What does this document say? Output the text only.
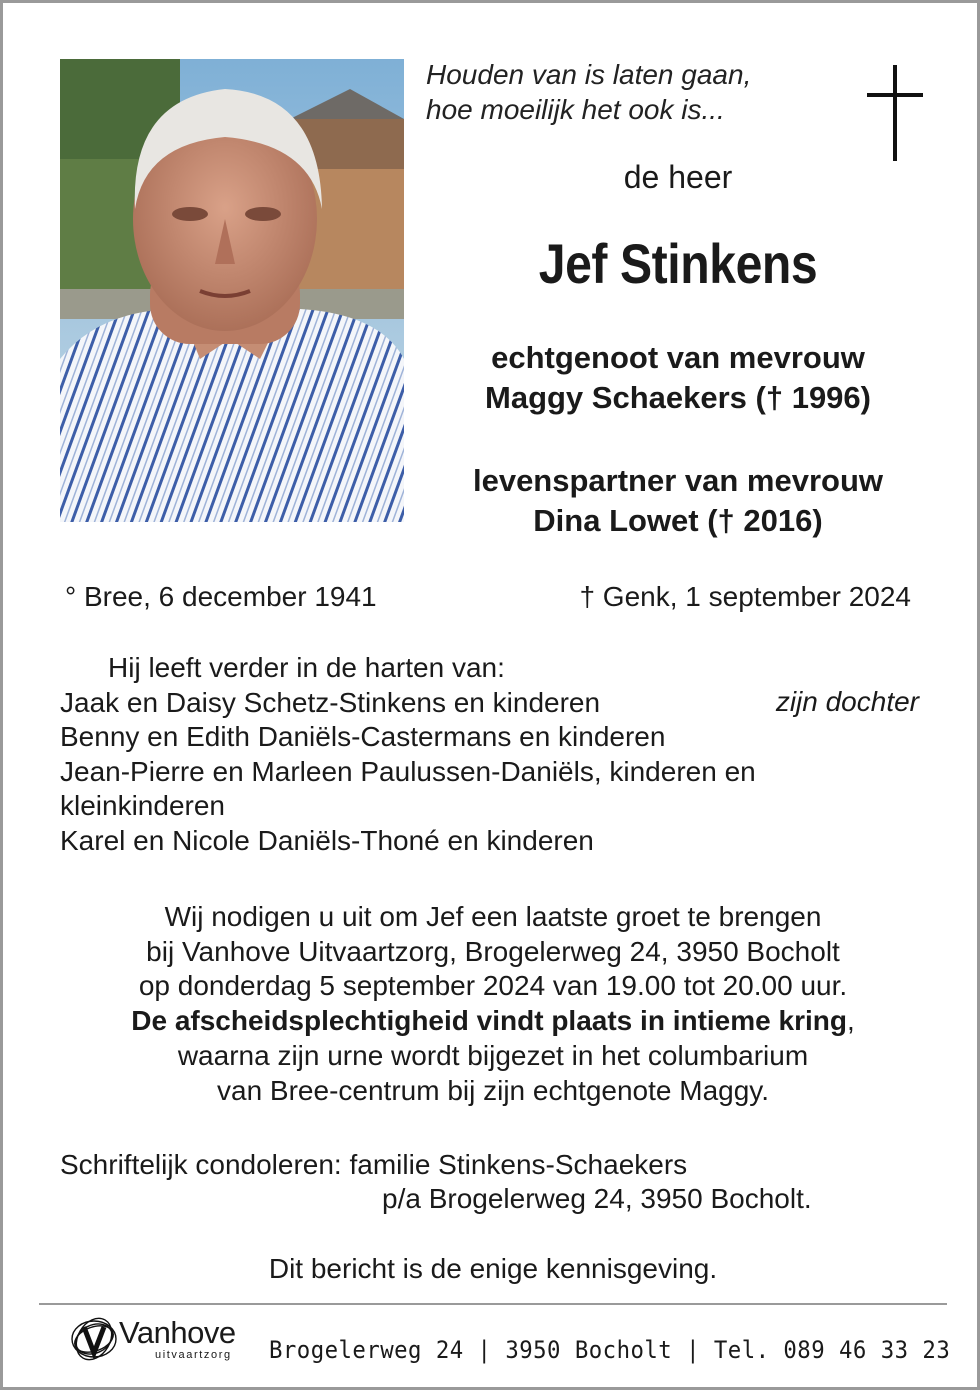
Houden van is laten gaan,
hoe moeilijk het ook is...
de heer
Jef Stinkens
echtgenoot van mevrouw
Maggy Schaekers († 1996)
levenspartner van mevrouw
Dina Lowet († 2016)
° Bree, 6 december 1941	† Genk, 1 september 2024
Hij leeft verder in de harten van:
Jaak en Daisy Schetz-Stinkens en kinderen
Benny en Edith Daniëls-Castermans en kinderen
Jean-Pierre en Marleen Paulussen-Daniëls, kinderen en
kleinkinderen
Karel en Nicole Daniëls-Thoné en kinderen
zijn dochter
Wij nodigen u uit om Jef een laatste groet te brengen
bij Vanhove Uitvaartzorg, Brogelerweg 24, 3950 Bocholt
op donderdag 5 september 2024 van 19.00 tot 20.00 uur.
De afscheidsplechtigheid vindt plaats in intieme kring,
waarna zijn urne wordt bijgezet in het columbarium
van Bree-centrum bij zijn echtgenote Maggy.
Schriftelijk condoleren: familie Stinkens-Schaekers
p/a Brogelerweg 24, 3950 Bocholt.
Dit bericht is de enige kennisgeving.
Vanhove
uitvaartzorg Brogelerweg 24 | 3950 Bocholt | Tel. 089 46 33 23
